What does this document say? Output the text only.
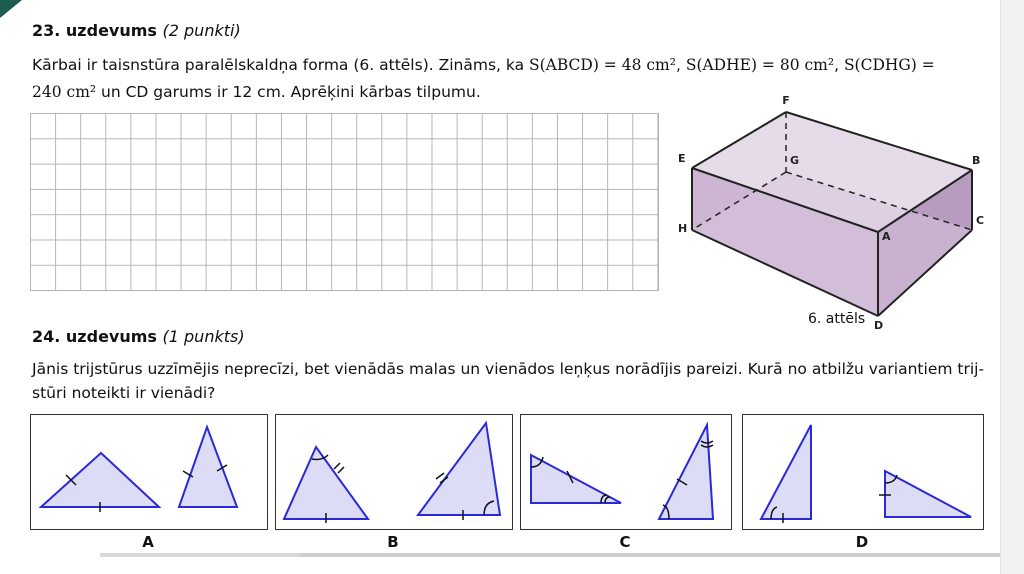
23. uzdevums (2 punkti)
Kārbai ir taisnstūra paralēlskaldņa forma (6. attēls). Zināms, ka S(ABCD) = 48 cm², S(ADHE) = 80 cm², S(CDHG) =
240 cm² un CD garums ir 12 cm. Aprēķini kārbas tilpumu.	F
E	G	B
C
H
A
D
6. attēls
24. uzdevums (1 punkts)
Jānis trijstūrus uzzīmējis neprecīzi, bet vienādās malas un vienādos leņķus norādījis pareizi. Kurā no atbilžu variantiem trij-
stūri noteikti ir vienādi?
A	B	C	D
